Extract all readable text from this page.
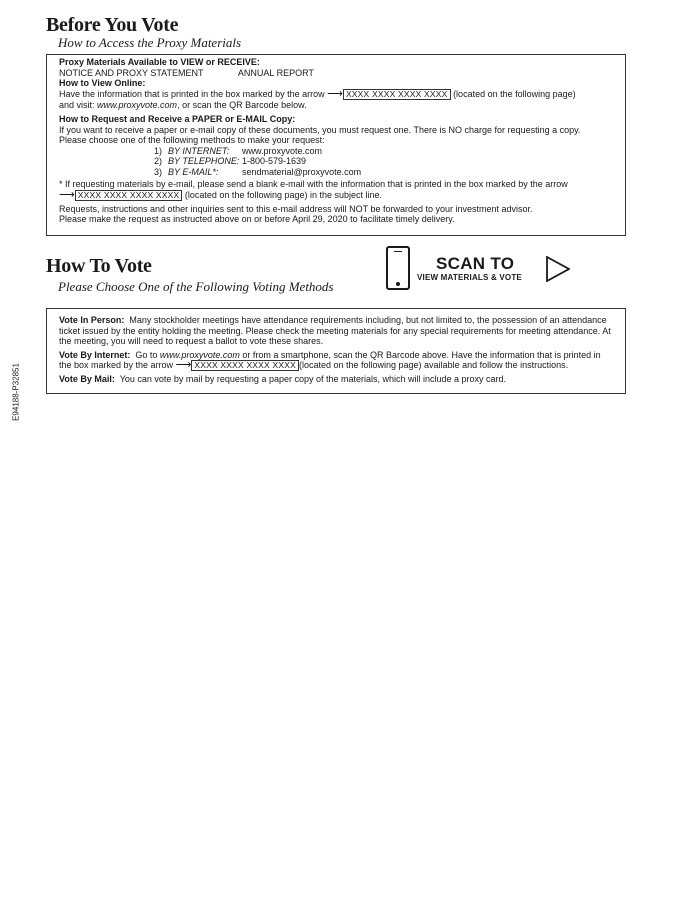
E94188-P32851
Before You Vote
How to Access the Proxy Materials

Proxy Materials Available to VIEW or RECEIVE:

NOTICE AND PROXY STATEMENT	ANNUAL REPORT

How to View Online:

Have the information that is printed in the box marked by the arrow ⟶ XXXX XXXX XXXX XXXX (located on the following page)
and visit: www.proxyvote.com, or scan the QR Barcode below.

How to Request and Receive a PAPER or E-MAIL Copy:

If you want to receive a paper or e-mail copy of these documents, you must request one. There is NO charge for requesting a copy.

Please choose one of the following methods to make your request:

1) BY INTERNET:	www.proxyvote.com
2) BY TELEPHONE: 1-800-579-1639
3) BY E-MAIL*:	sendmaterial@proxyvote.com

* If requesting materials by e-mail, please send a blank e-mail with the information that is printed in the box marked by the arrow

⟶ XXXX XXXX XXXX XXXX (located on the following page) in the subject line.

Requests, instructions and other inquiries sent to this e-mail address will NOT be forwarded to your investment advisor.

Please make the request as instructed above on or before April 29, 2020 to facilitate timely delivery.

How To Vote
Please Choose One of the Following Voting Methods
SCAN TO
VIEW MATERIALS & VOTE

Vote In Person: Many stockholder meetings have attendance requirements including, but not limited to, the possession of an attendance ticket issued by the entity holding the meeting. Please check the meeting materials for any special requirements for meeting attendance. At the meeting, you will need to request a ballot to vote these shares.

Vote By Internet: Go to www.proxyvote.com or from a smartphone, scan the QR Barcode above. Have the information that is printed in the box marked by the arrow ⟶ XXXX XXXX XXXX XXXX (located on the following page) available and follow the instructions.

Vote By Mail: You can vote by mail by requesting a paper copy of the materials, which will include a proxy card.
